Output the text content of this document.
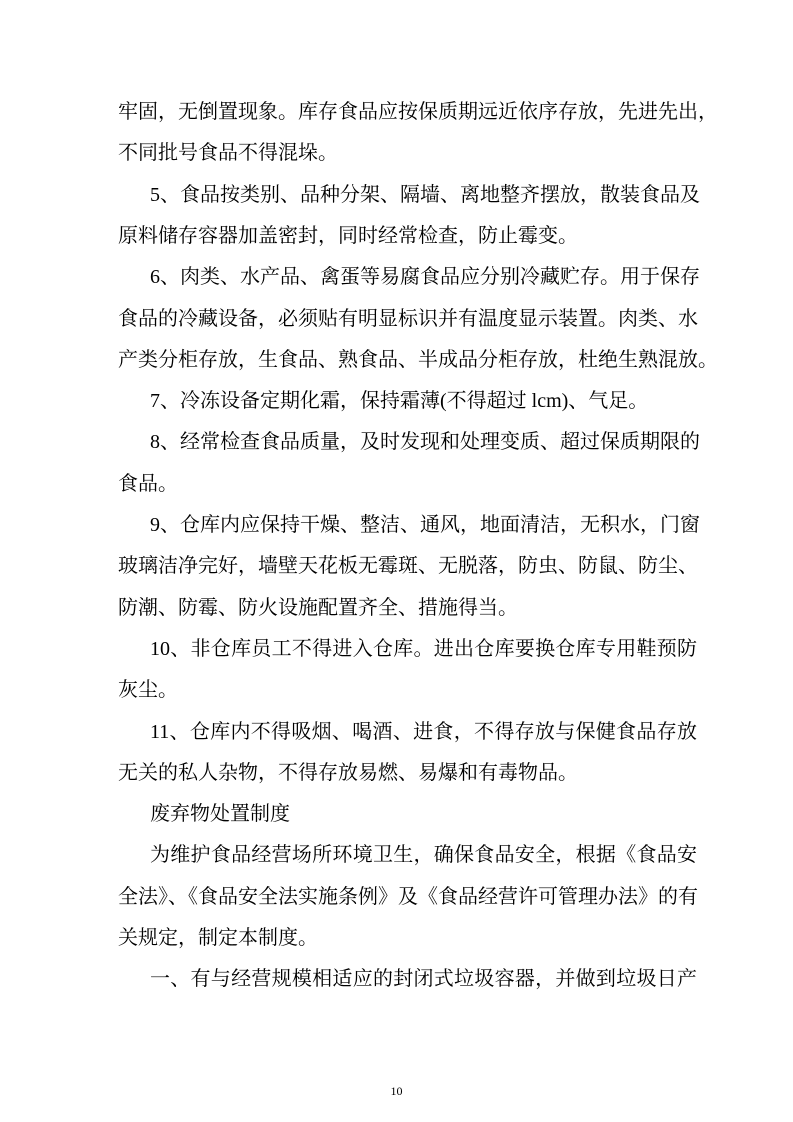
牢固，无倒置现象。库存食品应按保质期远近依序存放，先进先出，
不同批号食品不得混垛。
5、食品按类别、品种分架、隔墙、离地整齐摆放，散装食品及
原料储存容器加盖密封，同时经常检查，防止霉变。
6、肉类、水产品、禽蛋等易腐食品应分别冷藏贮存。用于保存
食品的冷藏设备，必须贴有明显标识并有温度显示装置。肉类、水
产类分柜存放，生食品、熟食品、半成品分柜存放，杜绝生熟混放。
7、冷冻设备定期化霜，保持霜薄(不得超过 lcm)、气足。
8、经常检查食品质量，及时发现和处理变质、超过保质期限的
食品。
9、仓库内应保持干燥、整洁、通风，地面清洁，无积水，门窗
玻璃洁净完好，墙壁天花板无霉斑、无脱落，防虫、防鼠、防尘、
防潮、防霉、防火设施配置齐全、措施得当。
10、非仓库员工不得进入仓库。进出仓库要换仓库专用鞋预防
灰尘。
11、仓库内不得吸烟、喝酒、进食，不得存放与保健食品存放
无关的私人杂物，不得存放易燃、易爆和有毒物品。
废弃物处置制度
为维护食品经营场所环境卫生，确保食品安全，根据《食品安
全法》、《食品安全法实施条例》及《食品经营许可管理办法》的有
关规定，制定本制度。
一、有与经营规模相适应的封闭式垃圾容器，并做到垃圾日产
10
